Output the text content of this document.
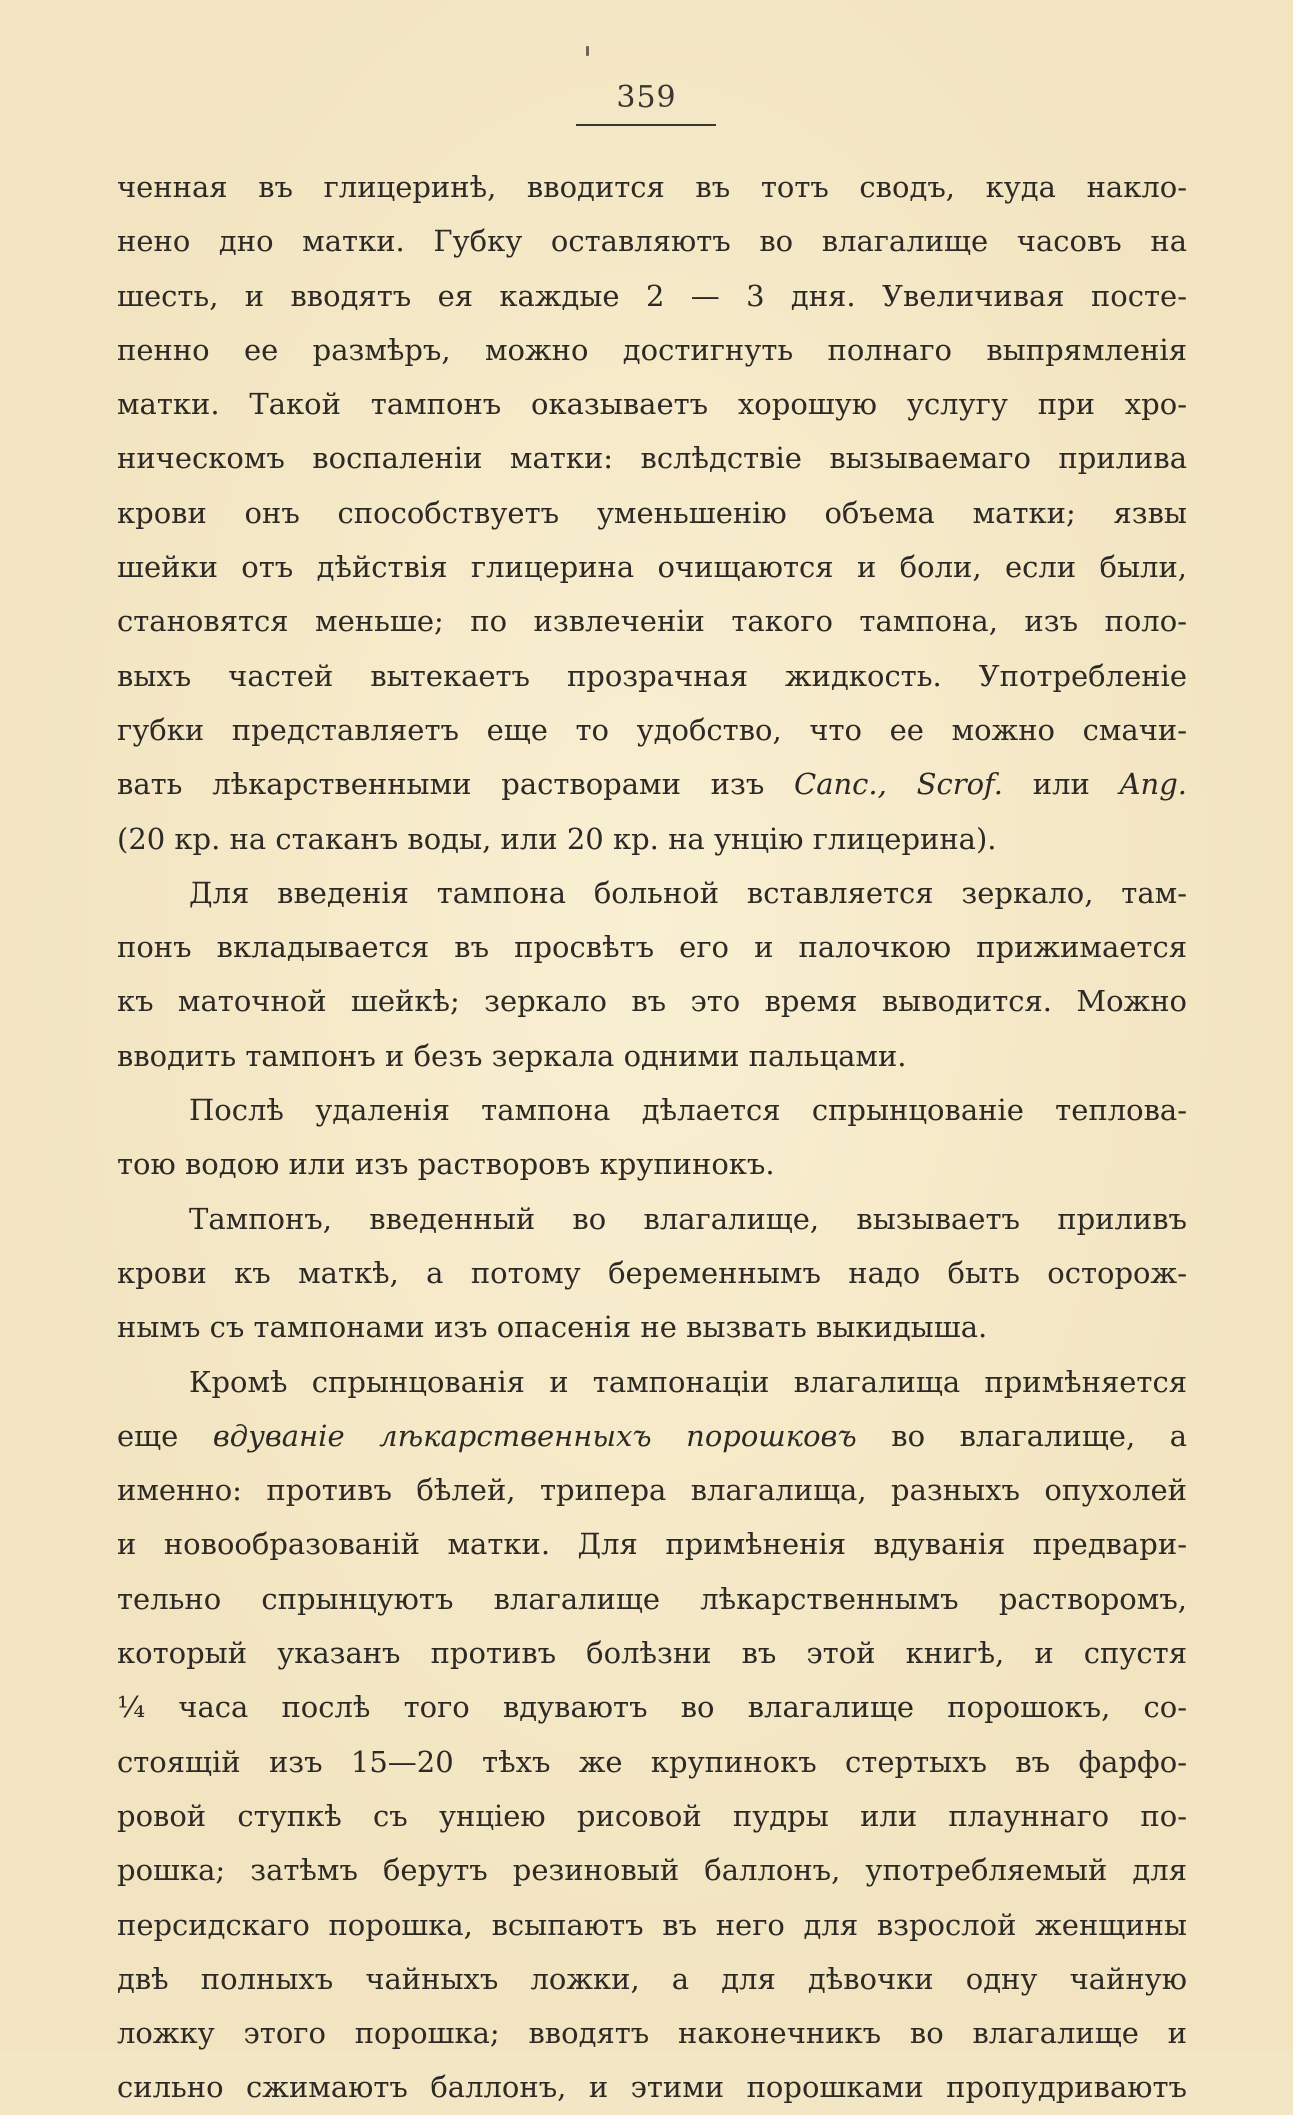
359
ченная въ глицеринѣ, вводится въ тотъ сводъ, куда накло-
нено дно матки. Губку оставляютъ во влагалище часовъ на
шесть, и вводятъ ея каждые 2 — 3 дня. Увеличивая посте-
пенно ее размѣръ, можно достигнуть полнаго выпрямленія
матки. Такой тампонъ оказываетъ хорошую услугу при хро-
ническомъ воспаленіи матки: вслѣдствіе вызываемаго прилива
крови онъ способствуетъ уменьшенію объема матки; язвы
шейки отъ дѣйствія глицерина очищаются и боли, если были,
становятся меньше; по извлеченіи такого тампона, изъ поло-
выхъ частей вытекаетъ прозрачная жидкость. Употребленіе
губки представляетъ еще то удобство, что ее можно смачи-
вать лѣкарственными растворами изъ Canc., Scrof. или Ang.
(20 кр. на стаканъ воды, или 20 кр. на унцію глицерина).
Для введенія тампона больной вставляется зеркало, там-
понъ вкладывается въ просвѣтъ его и палочкою прижимается
къ маточной шейкѣ; зеркало въ это время выводится. Можно
вводить тампонъ и безъ зеркала одними пальцами.
Послѣ удаленія тампона дѣлается спрынцованіе теплова-
тою водою или изъ растворовъ крупинокъ.
Тампонъ, введенный во влагалище, вызываетъ приливъ
крови къ маткѣ, а потому беременнымъ надо быть осторож-
нымъ съ тампонами изъ опасенія не вызвать выкидыша.
Кромѣ спрынцованія и тампонаціи влагалища примѣняется
еще вдуваніе лѣкарственныхъ порошковъ во влагалище, а
именно: противъ бѣлей, трипера влагалища, разныхъ опухолей
и новообразованій матки. Для примѣненія вдуванія предвари-
тельно спрынцуютъ влагалище лѣкарственнымъ растворомъ,
который указанъ противъ болѣзни въ этой книгѣ, и спустя
¼ часа послѣ того вдуваютъ во влагалище порошокъ, со-
стоящій изъ 15—20 тѣхъ же крупинокъ стертыхъ въ фарфо-
ровой ступкѣ съ унціею рисовой пудры или плауннаго по-
рошка; затѣмъ берутъ резиновый баллонъ, употребляемый для
персидскаго порошка, всыпаютъ въ него для взрослой женщины
двѣ полныхъ чайныхъ ложки, а для дѣвочки одну чайную
ложку этого порошка; вводятъ наконечникъ во влагалище и
сильно сжимаютъ баллонъ, и этими порошками пропудриваютъ
